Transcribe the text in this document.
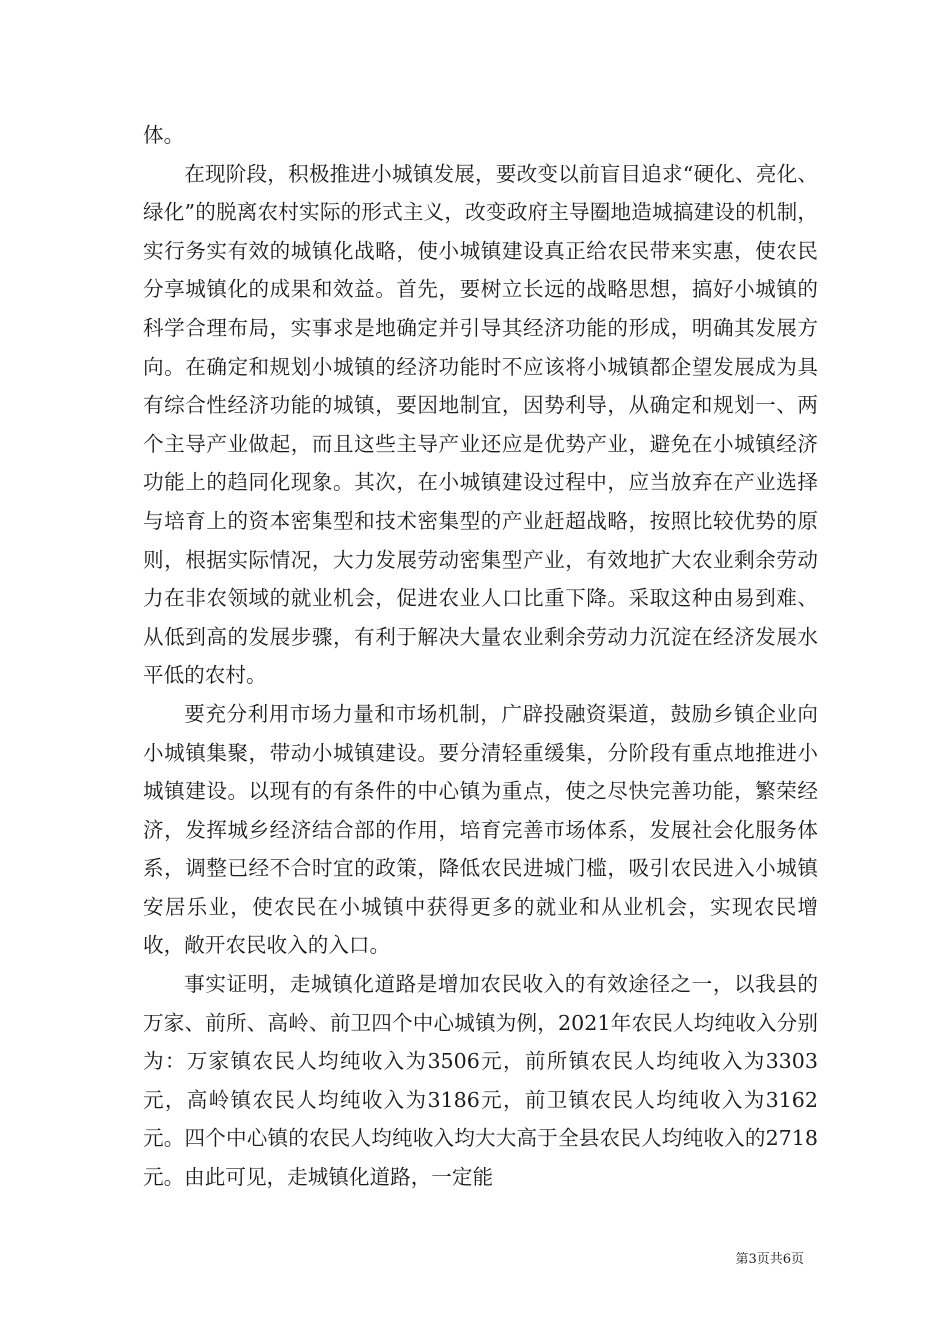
体。

在现阶段，积极推进小城镇发展，要改变以前盲目追求“硬化、亮化、绿化”的脱离农村实际的形式主义，改变政府主导圈地造城搞建设的机制，实行务实有效的城镇化战略，使小城镇建设真正给农民带来实惠，使农民分享城镇化的成果和效益。首先，要树立长远的战略思想，搞好小城镇的科学合理布局，实事求是地确定并引导其经济功能的形成，明确其发展方向。在确定和规划小城镇的经济功能时不应该将小城镇都企望发展成为具有综合性经济功能的城镇，要因地制宜，因势利导，从确定和规划一、两个主导产业做起，而且这些主导产业还应是优势产业，避免在小城镇经济功能上的趋同化现象。其次，在小城镇建设过程中，应当放弃在产业选择与培育上的资本密集型和技术密集型的产业赶超战略，按照比较优势的原则，根据实际情况，大力发展劳动密集型产业，有效地扩大农业剩余劳动力在非农领域的就业机会，促进农业人口比重下降。采取这种由易到难、从低到高的发展步骤，有利于解决大量农业剩余劳动力沉淀在经济发展水平低的农村。

要充分利用市场力量和市场机制，广辟投融资渠道，鼓励乡镇企业向小城镇集聚，带动小城镇建设。要分清轻重缓集，分阶段有重点地推进小城镇建设。以现有的有条件的中心镇为重点，使之尽快完善功能，繁荣经济，发挥城乡经济结合部的作用，培育完善市场体系，发展社会化服务体系，调整已经不合时宜的政策，降低农民进城门槛，吸引农民进入小城镇安居乐业，使农民在小城镇中获得更多的就业和从业机会，实现农民增收，敞开农民收入的入口。

事实证明，走城镇化道路是增加农民收入的有效途径之一，以我县的万家、前所、高岭、前卫四个中心城镇为例，2021年农民人均纯收入分别为：万家镇农民人均纯收入为3506元，前所镇农民人均纯收入为3303元，高岭镇农民人均纯收入为3186元，前卫镇农民人均纯收入为3162元。四个中心镇的农民人均纯收入均大大高于全县农民人均纯收入的2718元。由此可见，走城镇化道路，一定能

第3页共6页
